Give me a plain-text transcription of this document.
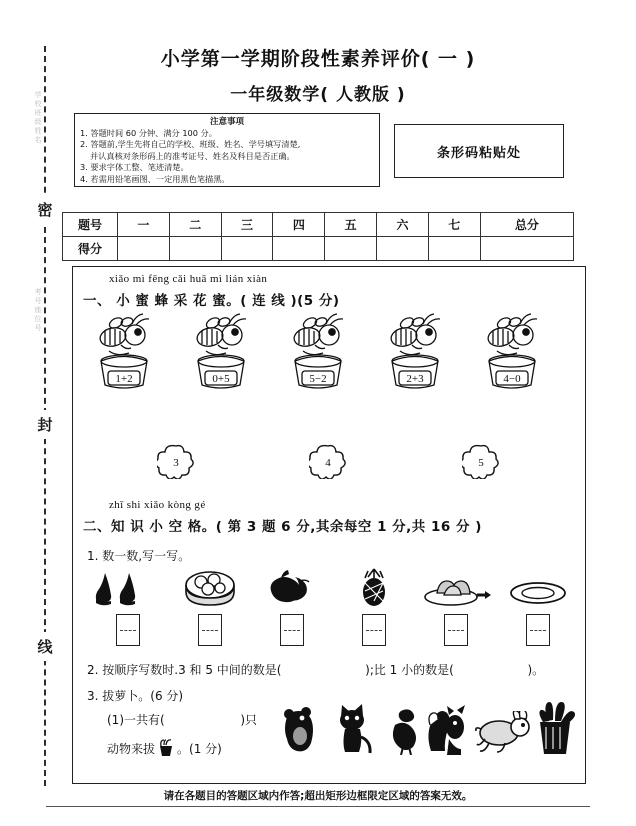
学校班级姓名
考号座位号
密
封
线
小学第一学期阶段性素养评价( 一 )
一年级数学( 人教版 )
注意事项
1. 答题时间 60 分钟、满分 100 分。
2. 答题前,学生先将自己的学校、班级、姓名、学号填写清楚,
并认真核对条形码上的准考证号、姓名及科目是否正确。
3. 要求字体工整、笔迹清楚。
4. 若需用铅笔画图、一定用黑色笔描黑。
条形码粘贴处
题号	一	二	三	四	五	六	七	总分
得分								
xiǎo mì fēng cǎi huā mì lián xiàn
一、 小 蜜 蜂 采 花 蜜。( 连 线 )(5 分)
1+2	0+5	5−2	2+3	4−0
3	4	5
zhī shi xiǎo kòng gé
二、知 识 小 空 格。( 第 3 题 6 分,其余每空 1 分,共 16 分 )
1. 数一数,写一写。
2. 按顺序写数时.3 和 5 中间的数是(	);比 1 小的数是(	)。
3. 拔萝卜。(6 分)
(1)一共有(	)只
动物来拔 。(1 分)
请在各题目的答题区域内作答;超出矩形边框限定区域的答案无效。
